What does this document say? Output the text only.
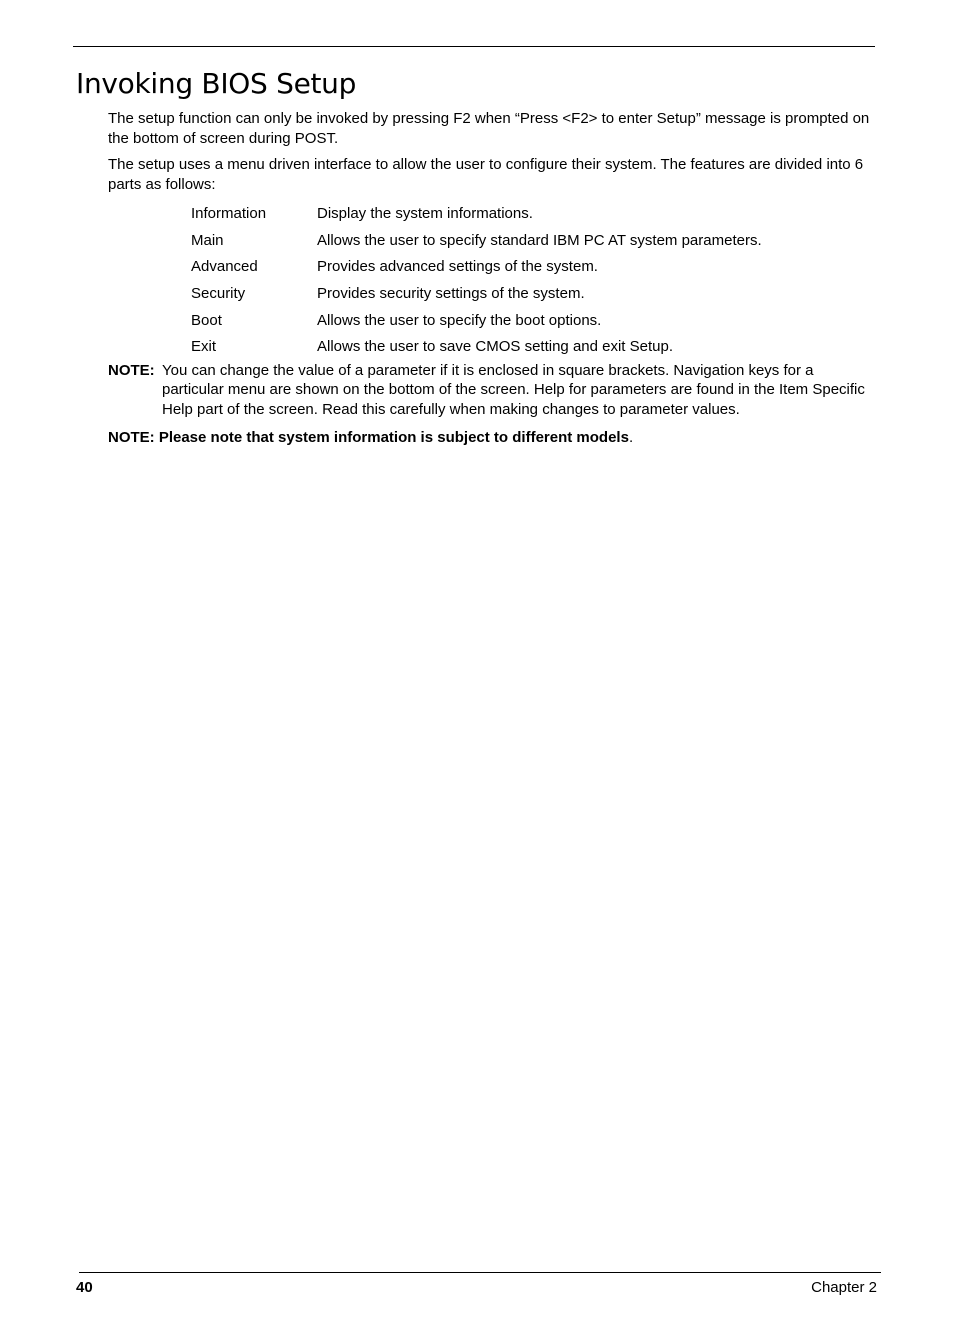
Invoking BIOS Setup

The setup function can only be invoked by pressing F2 when “Press <F2> to enter Setup” message is prompted on the bottom of screen during POST.

The setup uses a menu driven interface to allow the user to configure their system. The features are divided into 6 parts as follows:

Information	Display the system informations.
Main	Allows the user to specify standard IBM PC AT system parameters.
Advanced	Provides advanced settings of the system.
Security	Provides security settings of the system.
Boot	Allows the user to specify the boot options.
Exit	Allows the user to save CMOS setting and exit Setup.
NOTE: You can change the value of a parameter if it is enclosed in square brackets. Navigation keys for a particular menu are shown on the bottom of the screen. Help for parameters are found in the Item Specific Help part of the screen. Read this carefully when making changes to parameter values.
NOTE: Please note that system information is subject to different models.
40	Chapter 2
